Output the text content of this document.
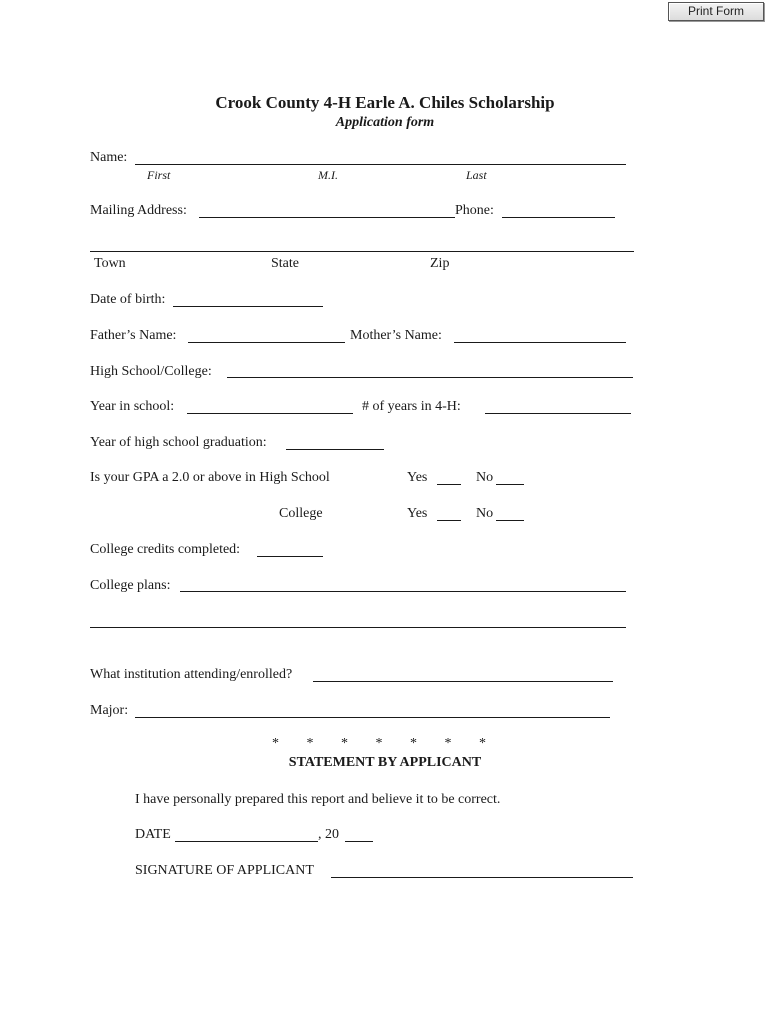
Print Form
Crook County 4-H Earle A. Chiles Scholarship
Application form
Name:
First	M.I.	Last
Mailing Address:	Phone:
Town	State	Zip
Date of birth:
Father’s Name:	Mother’s Name:
High School/College:
Year in school:	# of years in 4-H:
Year of high school graduation:
Is your GPA a 2.0 or above in High School	Yes	No
College	Yes	No
College credits completed:
College plans:
What institution attending/enrolled?
Major:
* * * * * * *
STATEMENT BY APPLICANT
I have personally prepared this report and believe it to be correct.
DATE	, 20
SIGNATURE OF APPLICANT
